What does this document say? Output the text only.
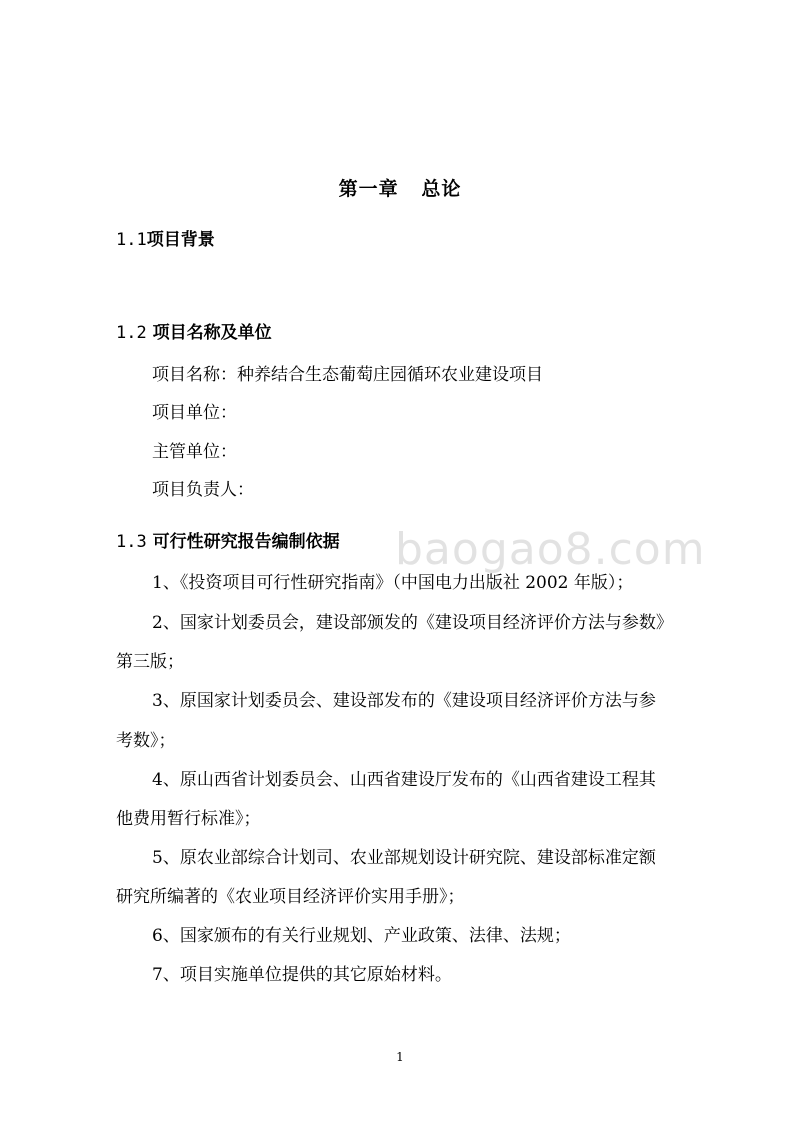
第一章   总论
1.1项目背景
1.2 项目名称及单位
项目名称：种养结合生态葡萄庄园循环农业建设项目
项目单位：
主管单位：
项目负责人：
1.3 可行性研究报告编制依据 baogao8.com
1、《投资项目可行性研究指南》（中国电力出版社 2002 年版）；
2、国家计划委员会，建设部颁发的《建设项目经济评价方法与参数》
第三版；
3、原国家计划委员会、建设部发布的《建设项目经济评价方法与参
考数》；
4、原山西省计划委员会、山西省建设厅发布的《山西省建设工程其
他费用暂行标准》；
5、原农业部综合计划司、农业部规划设计研究院、建设部标准定额
研究所编著的《农业项目经济评价实用手册》；
6、国家颁布的有关行业规划、产业政策、法律、法规；
7、项目实施单位提供的其它原始材料。
1
